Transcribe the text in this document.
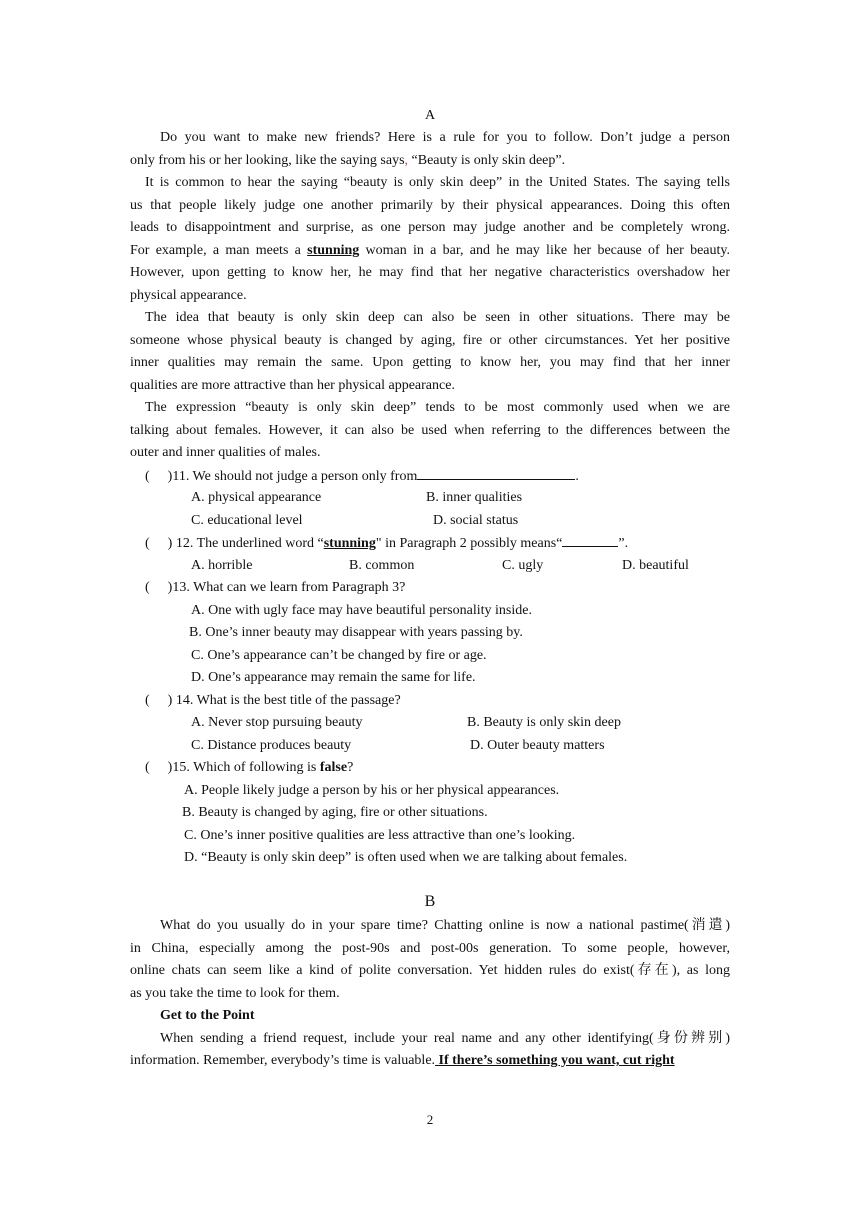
A
Do you want to make new friends? Here is a rule for you to follow. Don’t judge a person
only from his or her looking, like the saying says, “Beauty is only skin deep”.
It is common to hear the saying “beauty is only skin deep” in the United States. The saying tells
us that people likely judge one another primarily by their physical appearances. Doing this often
leads to disappointment and surprise, as one person may judge another and be completely wrong.
For example, a man meets a stunning woman in a bar, and he may like her because of her beauty.
However, upon getting to know her, he may find that her negative characteristics overshadow her
physical appearance.
The idea that beauty is only skin deep can also be seen in other situations. There may be
someone whose physical beauty is changed by aging, fire or other circumstances. Yet her positive
inner qualities may remain the same. Upon getting to know her, you may find that her inner
qualities are more attractive than her physical appearance.
The expression “beauty is only skin deep” tends to be most commonly used when we are
talking about females. However, it can also be used when referring to the differences between the
outer and inner qualities of males.
( )11. We should not judge a person only from	.
A. physical appearance	B. inner qualities
C. educational level	D. social status
( ) 12. The underlined word “stunning" in Paragraph 2 possibly means“	”.
A. horrible	B. common	C. ugly	D. beautiful
( )13. What can we learn from Paragraph 3?
A. One with ugly face may have beautiful personality inside.
B. One’s inner beauty may disappear with years passing by.
C. One’s appearance can’t be changed by fire or age.
D. One’s appearance may remain the same for life.
( ) 14. What is the best title of the passage?
A. Never stop pursuing beauty	B. Beauty is only skin deep
C. Distance produces beauty	D. Outer beauty matters
( )15. Which of following is false?
A. People likely judge a person by his or her physical appearances.
B. Beauty is changed by aging, fire or other situations.
C. One’s inner positive qualities are less attractive than one’s looking.
D. “Beauty is only skin deep” is often used when we are talking about females.
B
What do you usually do in your spare time? Chatting online is now a national pastime(消遣)
in China, especially among the post-90s and post-00s generation. To some people, however,
online chats can seem like a kind of polite conversation. Yet hidden rules do exist(存在), as long
as you take the time to look for them.
Get to the Point
When sending a friend request, include your real name and any other identifying(身份辨别)
information. Remember, everybody’s time is valuable. If there’s something you want, cut right
2
